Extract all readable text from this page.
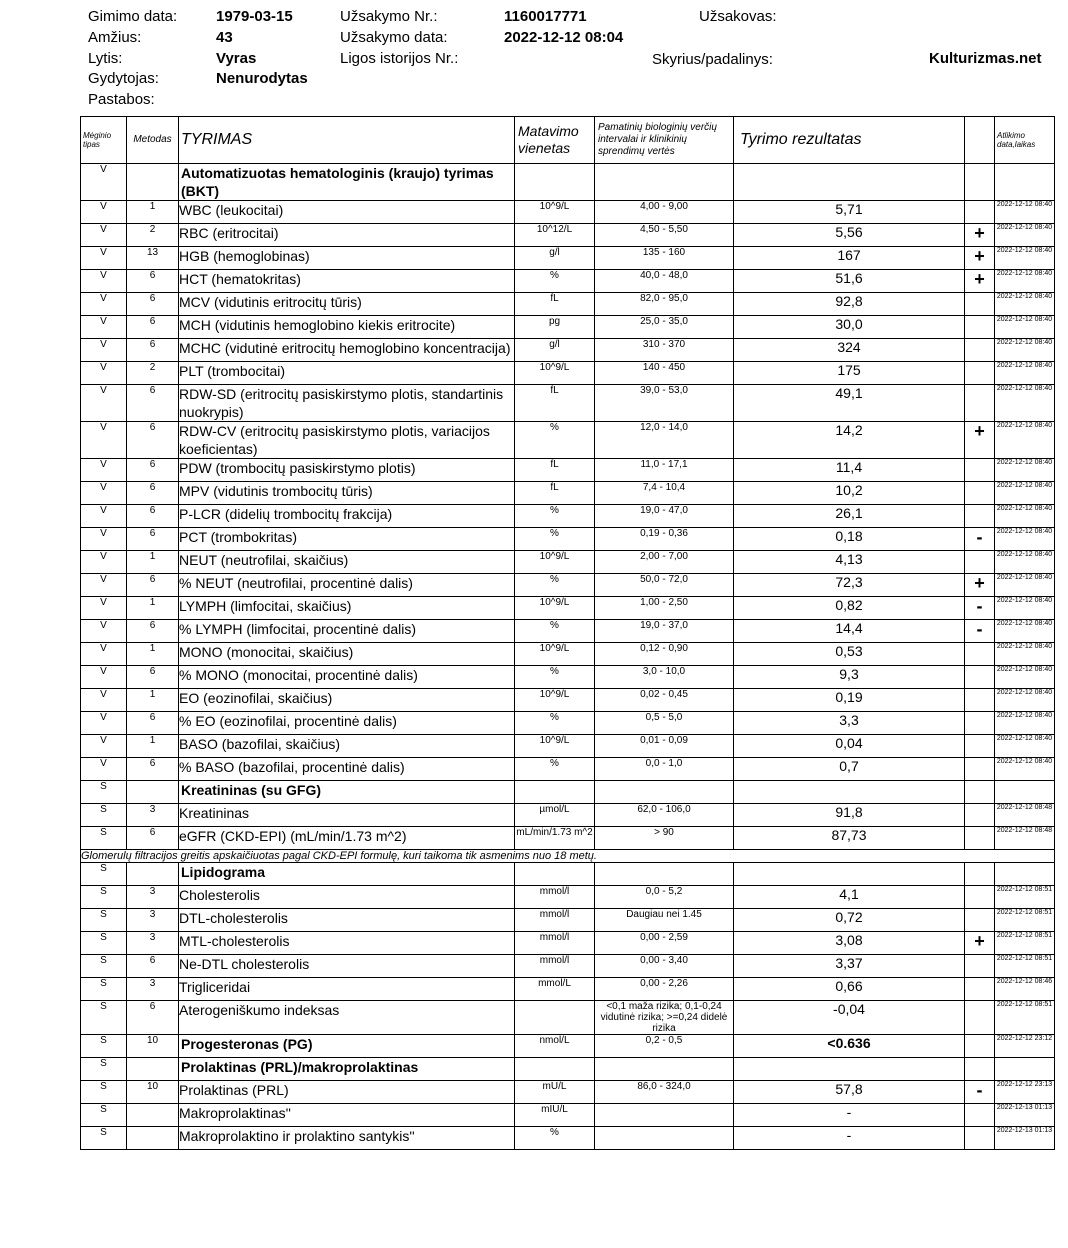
Gimimo data:	1979-03-15	Užsakymo Nr.:	1160017771	Užsakovas:
Amžius:	43	Užsakymo data:	2022-12-12 08:04
Lytis:	Vyras	Ligos istorijos Nr.:	Skyrius/padalinys:	Kulturizmas.net
Gydytojas:	Nenurodytas
Pastabos:
Mėginio tipas	Metodas	TYRIMAS	Matavimo vienetas	Pamatinių biologinių verčių intervalai ir klinikinių sprendimų vertės	Tyrimo rezultatas		Atlikimo data,laikas
V		Automatizuotas hematologinis (kraujo) tyrimas (BKT)					
V	1	WBC (leukocitai)	10^9/L	4,00 - 9,00	5,71		2022-12-12 08:40
V	2	RBC (eritrocitai)	10^12/L	4,50 - 5,50	5,56	+	2022-12-12 08:40
V	13	HGB (hemoglobinas)	g/l	135 - 160	167	+	2022-12-12 08:40
V	6	HCT (hematokritas)	%	40,0 - 48,0	51,6	+	2022-12-12 08:40
V	6	MCV (vidutinis eritrocitų tūris)	fL	82,0 - 95,0	92,8		2022-12-12 08:40
V	6	MCH (vidutinis hemoglobino kiekis eritrocite)	pg	25,0 - 35,0	30,0		2022-12-12 08:40
V	6	MCHC (vidutinė eritrocitų hemoglobino koncentracija)	g/l	310 - 370	324		2022-12-12 08:40
V	2	PLT (trombocitai)	10^9/L	140 - 450	175		2022-12-12 08:40
V	6	RDW-SD (eritrocitų pasiskirstymo plotis, standartinis nuokrypis)	fL	39,0 - 53,0	49,1		2022-12-12 08:40
V	6	RDW-CV (eritrocitų pasiskirstymo plotis, variacijos koeficientas)	%	12,0 - 14,0	14,2	+	2022-12-12 08:40
V	6	PDW (trombocitų pasiskirstymo plotis)	fL	11,0 - 17,1	11,4		2022-12-12 08:40
V	6	MPV (vidutinis trombocitų tūris)	fL	7,4 - 10,4	10,2		2022-12-12 08:40
V	6	P-LCR (didelių trombocitų frakcija)	%	19,0 - 47,0	26,1		2022-12-12 08:40
V	6	PCT (trombokritas)	%	0,19 - 0,36	0,18	-	2022-12-12 08:40
V	1	NEUT (neutrofilai, skaičius)	10^9/L	2,00 - 7,00	4,13		2022-12-12 08:40
V	6	% NEUT (neutrofilai, procentinė dalis)	%	50,0 - 72,0	72,3	+	2022-12-12 08:40
V	1	LYMPH (limfocitai, skaičius)	10^9/L	1,00 - 2,50	0,82	-	2022-12-12 08:40
V	6	% LYMPH (limfocitai, procentinė dalis)	%	19,0 - 37,0	14,4	-	2022-12-12 08:40
V	1	MONO (monocitai, skaičius)	10^9/L	0,12 - 0,90	0,53		2022-12-12 08:40
V	6	% MONO (monocitai, procentinė dalis)	%	3,0 - 10,0	9,3		2022-12-12 08:40
V	1	EO (eozinofilai, skaičius)	10^9/L	0,02 - 0,45	0,19		2022-12-12 08:40
V	6	% EO (eozinofilai, procentinė dalis)	%	0,5 - 5,0	3,3		2022-12-12 08:40
V	1	BASO (bazofilai, skaičius)	10^9/L	0,01 - 0,09	0,04		2022-12-12 08:40
V	6	% BASO (bazofilai, procentinė dalis)	%	0,0 - 1,0	0,7		2022-12-12 08:40
S		Kreatininas (su GFG)					
S	3	Kreatininas	µmol/L	62,0 - 106,0	91,8		2022-12-12 08:48
S	6	eGFR (CKD-EPI) (mL/min/1.73 m^2)	mL/min/1.73 m^2	> 90	87,73		2022-12-12 08:48
Glomerulų filtracijos greitis apskaičiuotas pagal CKD-EPI formulę, kuri taikoma tik asmenims nuo 18 metų.							
S		Lipidograma					
S	3	Cholesterolis	mmol/l	0,0 - 5,2	4,1		2022-12-12 08:51
S	3	DTL-cholesterolis	mmol/l	Daugiau nei 1.45	0,72		2022-12-12 08:51
S	3	MTL-cholesterolis	mmol/l	0,00 - 2,59	3,08	+	2022-12-12 08:51
S	6	Ne-DTL cholesterolis	mmol/l	0,00 - 3,40	3,37		2022-12-12 08:51
S	3	Trigliceridai	mmol/L	0,00 - 2,26	0,66		2022-12-12 08:46
S	6	Aterogeniškumo indeksas		<0,1 maža rizika; 0,1-0,24 vidutinė rizika; >=0,24 didelė rizika	-0,04		2022-12-12 08:51
S	10	Progesteronas (PG)	nmol/L	0,2 - 0,5	<0.636		2022-12-12 23:12
S		Prolaktinas (PRL)/makroprolaktinas					
S	10	Prolaktinas (PRL)	mU/L	86,0 - 324,0	57,8	-	2022-12-12 23:13
S		Makroprolaktinas''	mIU/L		-		2022-12-13 01:13
S		Makroprolaktino ir prolaktino santykis''	%		-		2022-12-13 01:13
